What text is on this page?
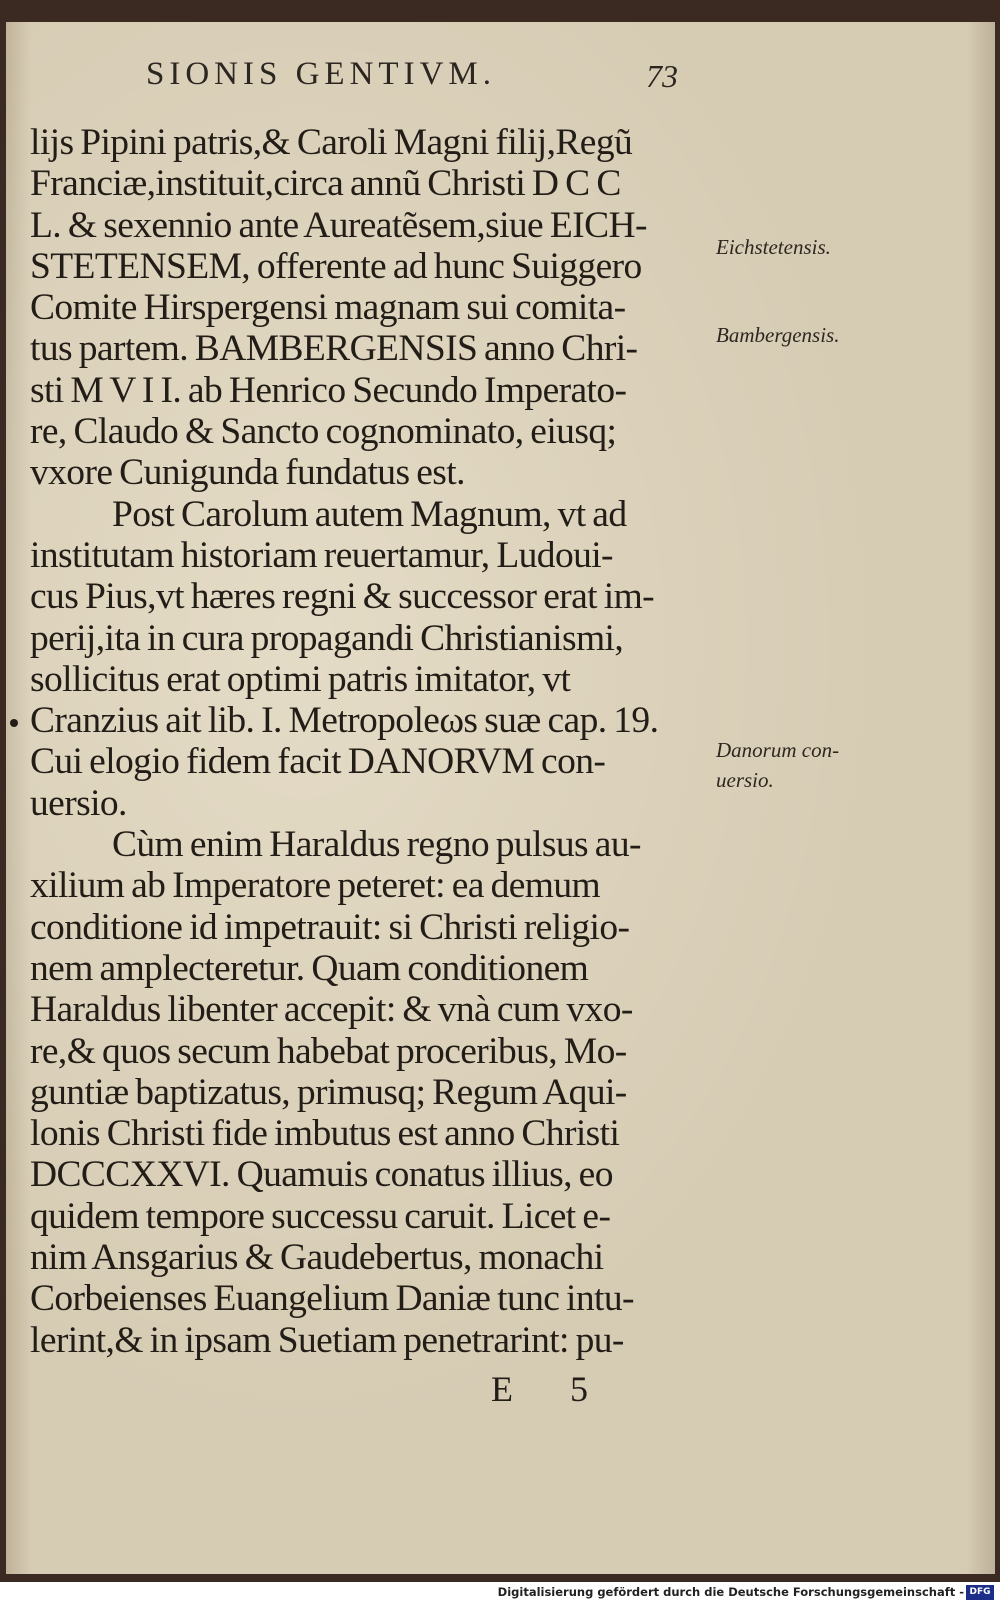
SIONIS GENTIVM.	73
lijs Pipini patris,& Caroli Magni filij,Regũ
Franciæ,instituit,circa annũ Christi D C C
L. & sexennio ante Aureatẽsem,siue EICH-
STETENSEM, offerente ad hunc Suiggero
Comite Hirspergensi magnam sui comita-
tus partem. BAMBERGENSIS anno Chri-
sti M V I I. ab Henrico Secundo Imperato-
re, Claudo & Sancto cognominato, eiusq;
vxore Cunigunda fundatus est.
Post Carolum autem Magnum, vt ad
institutam historiam reuertamur, Ludoui-
cus Pius,vt hæres regni & successor erat im-
perij,ita in cura propagandi Christianismi,
sollicitus erat optimi patris imitator, vt
Cranzius ait lib. I. Metropoleωs suæ cap. 19.
Cui elogio fidem facit DANORVM con-
uersio.
Cùm enim Haraldus regno pulsus au-
xilium ab Imperatore peteret: ea demum
conditione id impetrauit: si Christi religio-
nem amplecteretur. Quam conditionem
Haraldus libenter accepit: & vnà cum vxo-
re,& quos secum habebat proceribus, Mo-
guntiæ baptizatus, primusq; Regum Aqui-
lonis Christi fide imbutus est anno Christi
DCCCXXVI. Quamuis conatus illius, eo
quidem tempore successu caruit. Licet e-
nim Ansgarius & Gaudebertus, monachi
Corbeienses Euangelium Daniæ tunc intu-
lerint,& in ipsam Suetiam penetrarint: pu-
Eichstetensis.
Bambergensis.
Danorum con-
uersio.
E 5
Digitalisierung gefördert durch die Deutsche Forschungsgemeinschaft - DFG
